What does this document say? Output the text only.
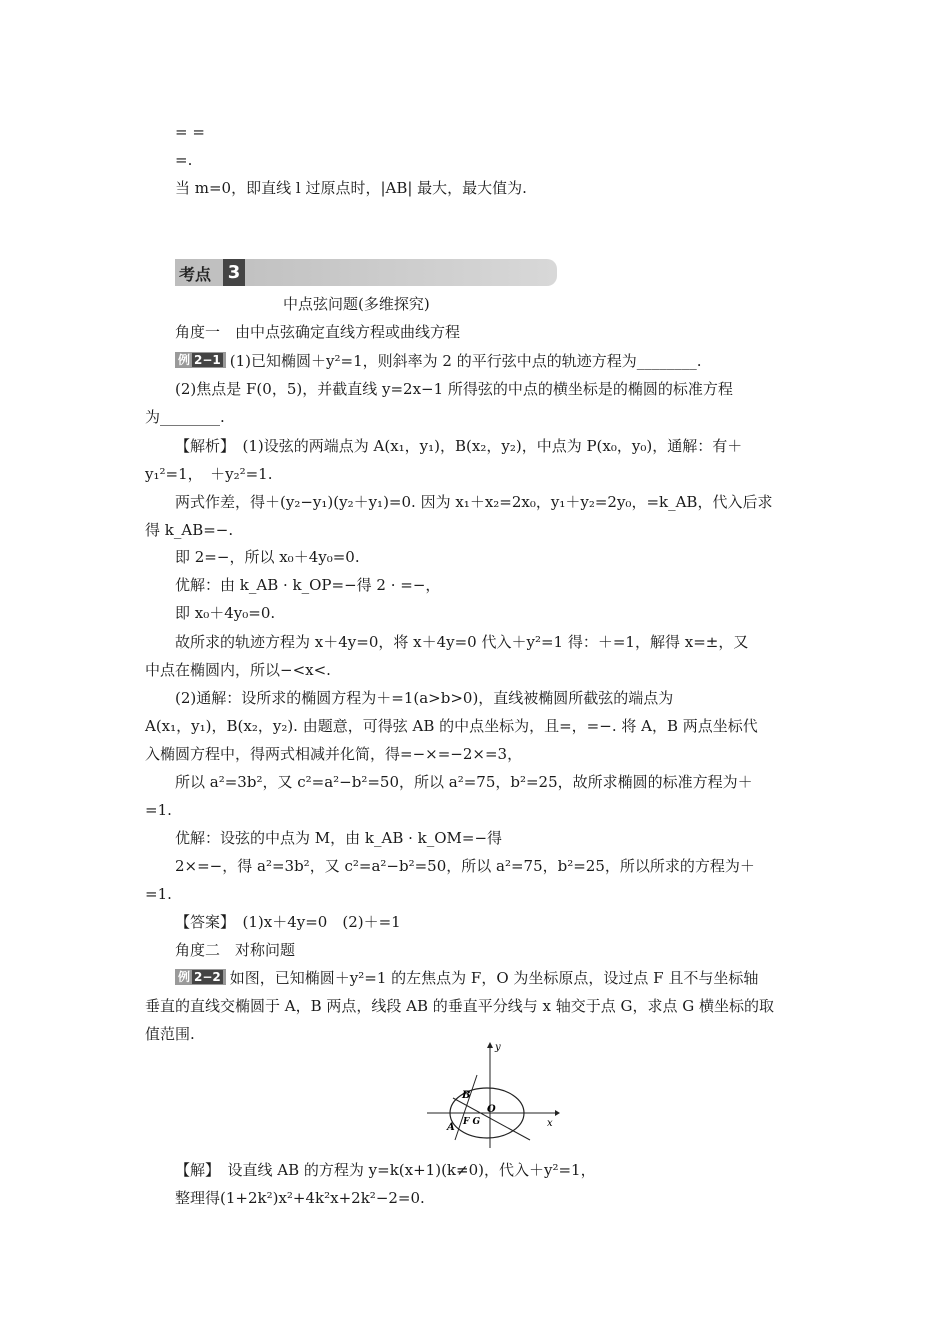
= =
=.
当 m=0，即直线 l 过原点时，|AB| 最大，最大值为.
考点 3
中点弦问题(多维探究)
角度一　由中点弦确定直线方程或曲线方程
例 2−1 (1)已知椭圆＋y²=1，则斜率为 2 的平行弦中点的轨迹方程为________.
(2)焦点是 F(0，5)，并截直线 y=2x−1 所得弦的中点的横坐标是的椭圆的标准方程
为________.
【解析】　(1)设弦的两端点为 A(x₁，y₁)，B(x₂，y₂)，中点为 P(x₀，y₀)，通解：有＋
y₁²=1，　＋y₂²=1.
两式作差，得＋(y₂−y₁)(y₂＋y₁)=0. 因为 x₁＋x₂=2x₀，y₁＋y₂=2y₀，=k_AB，代入后求
得 k_AB=−.
即 2=−，所以 x₀＋4y₀=0.
优解：由 k_AB · k_OP=−得 2 · =−，
即 x₀＋4y₀=0.
故所求的轨迹方程为 x＋4y=0，将 x＋4y=0 代入＋y²=1 得：＋=1，解得 x=±，又
中点在椭圆内，所以−<x<.
(2)通解：设所求的椭圆方程为＋=1(a>b>0)，直线被椭圆所截弦的端点为
A(x₁，y₁)，B(x₂，y₂). 由题意，可得弦 AB 的中点坐标为，且=，=−. 将 A，B 两点坐标代
入椭圆方程中，得两式相减并化简，得=−×=−2×=3，
所以 a²=3b²，又 c²=a²−b²=50，所以 a²=75，b²=25，故所求椭圆的标准方程为＋
=1.
优解：设弦的中点为 M，由 k_AB · k_OM=−得
2×=−，得 a²=3b²，又 c²=a²−b²=50，所以 a²=75，b²=25，所以所求的方程为＋
=1.
【答案】　(1)x＋4y=0　(2)＋=1
角度二　对称问题
例 2−2 如图，已知椭圆＋y²=1 的左焦点为 F，O 为坐标原点，设过点 F 且不与坐标轴
垂直的直线交椭圆于 A，B 两点，线段 AB 的垂直平分线与 x 轴交于点 G，求点 G 横坐标的取
值范围.
y
x
B
O
A F G
【解】　设直线 AB 的方程为 y=k(x+1)(k≠0)，代入＋y²=1，
整理得(1+2k²)x²+4k²x+2k²−2=0.
